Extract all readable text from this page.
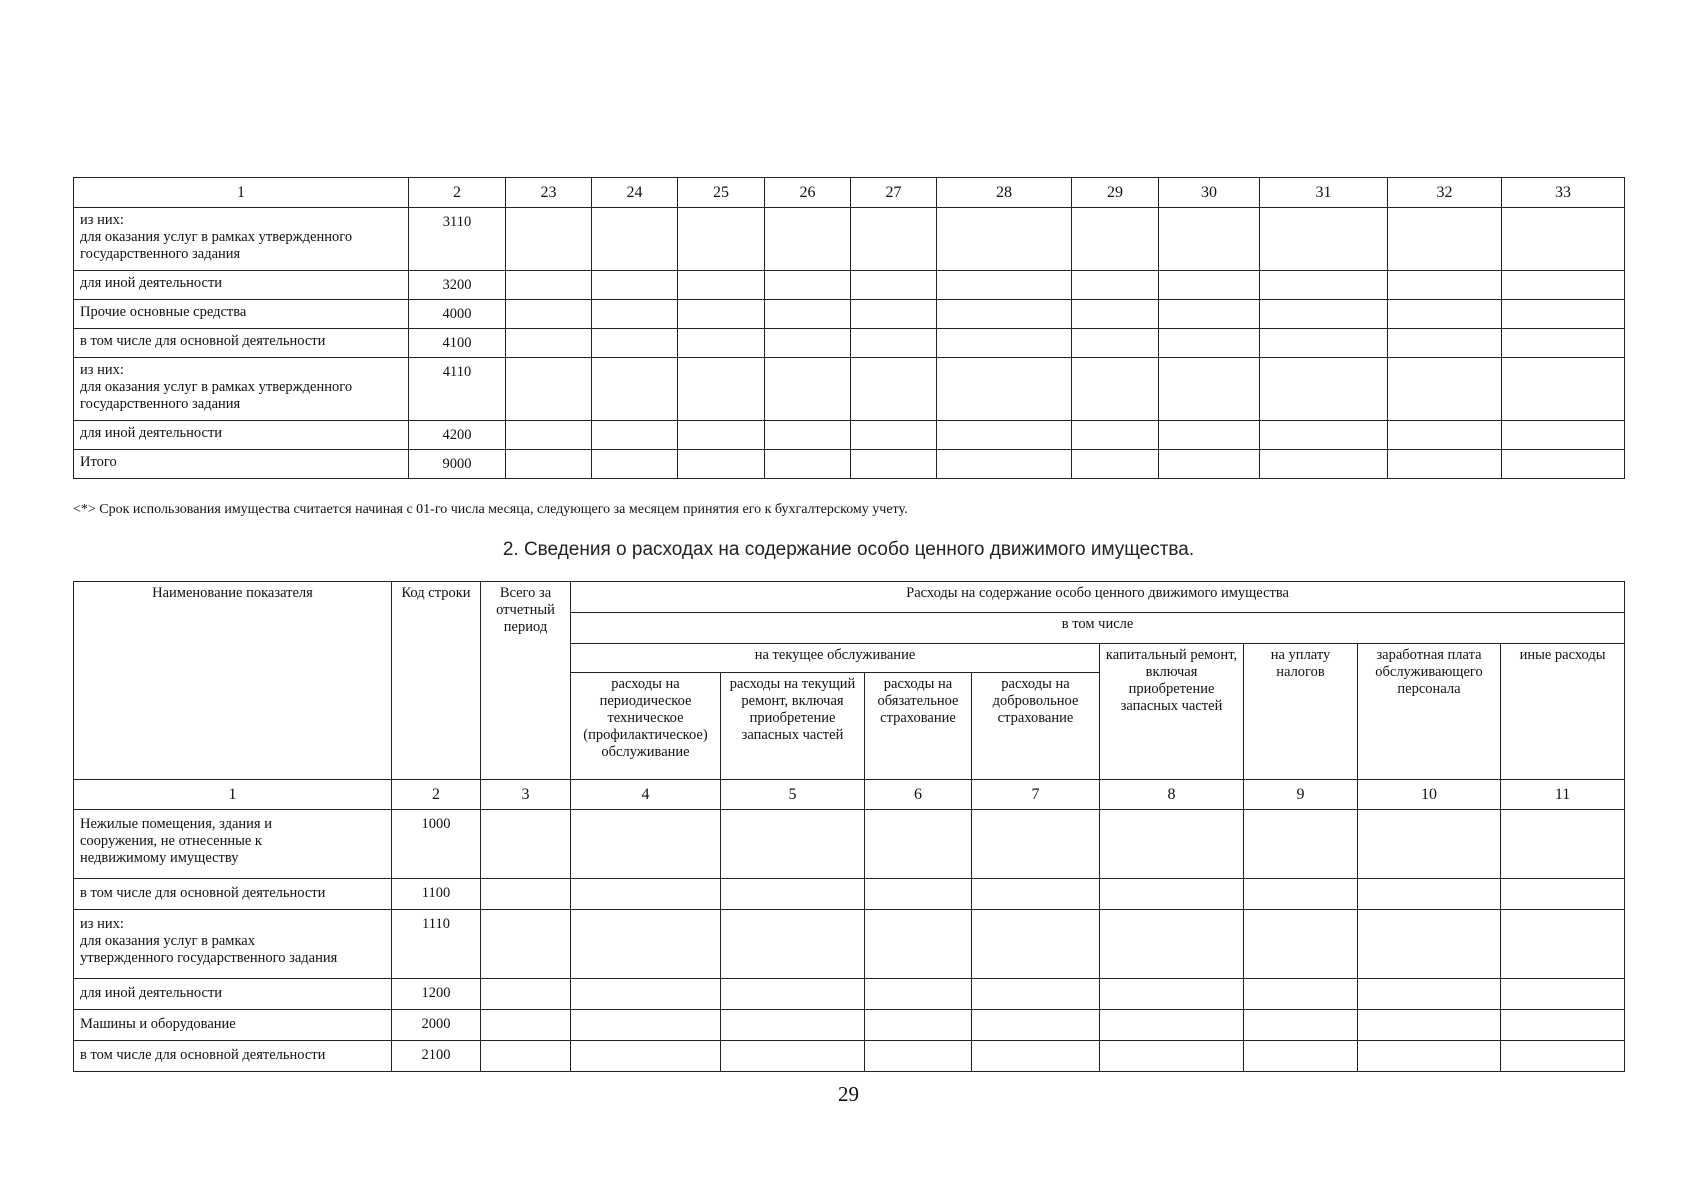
1	2	23	24	25	26	27	28	29	30	31	32	33
из них:
для оказания услуг в рамках утвержденного
государственного задания	3110											
для иной деятельности	3200											
Прочие основные средства	4000											
в том числе для основной деятельности	4100											
из них:
для оказания услуг в рамках утвержденного
государственного задания	4110											
для иной деятельности	4200											
Итого	9000											
<*> Срок использования имущества считается начиная с 01-го числа месяца, следующего за месяцем принятия его к бухгалтерскому учету.
2. Сведения о расходах на содержание особо ценного движимого имущества.
Наименование показателя	Код строки	Всего за отчетный период	Расходы на содержание особо ценного движимого имущества							
			в том числе							
			на текущее обслуживание				капитальный ремонт, включая приобретение запасных частей	на уплату налогов	заработная плата обслуживающего персонала	иные расходы
			расходы на периодическое техническое (профилактическое) обслуживание	расходы на текущий ремонт, включая приобретение запасных частей	расходы на обязательное страхование	расходы на добровольное страхование				
1	2	3	4	5	6	7	8	9	10	11
Нежилые помещения, здания и
сооружения, не отнесенные к
недвижимому имуществу	1000									
в том числе для основной деятельности	1100									
из них:
для оказания услуг в рамках
утвержденного государственного задания	1110									
для иной деятельности	1200									
Машины и оборудование	2000									
в том числе для основной деятельности	2100									
29
